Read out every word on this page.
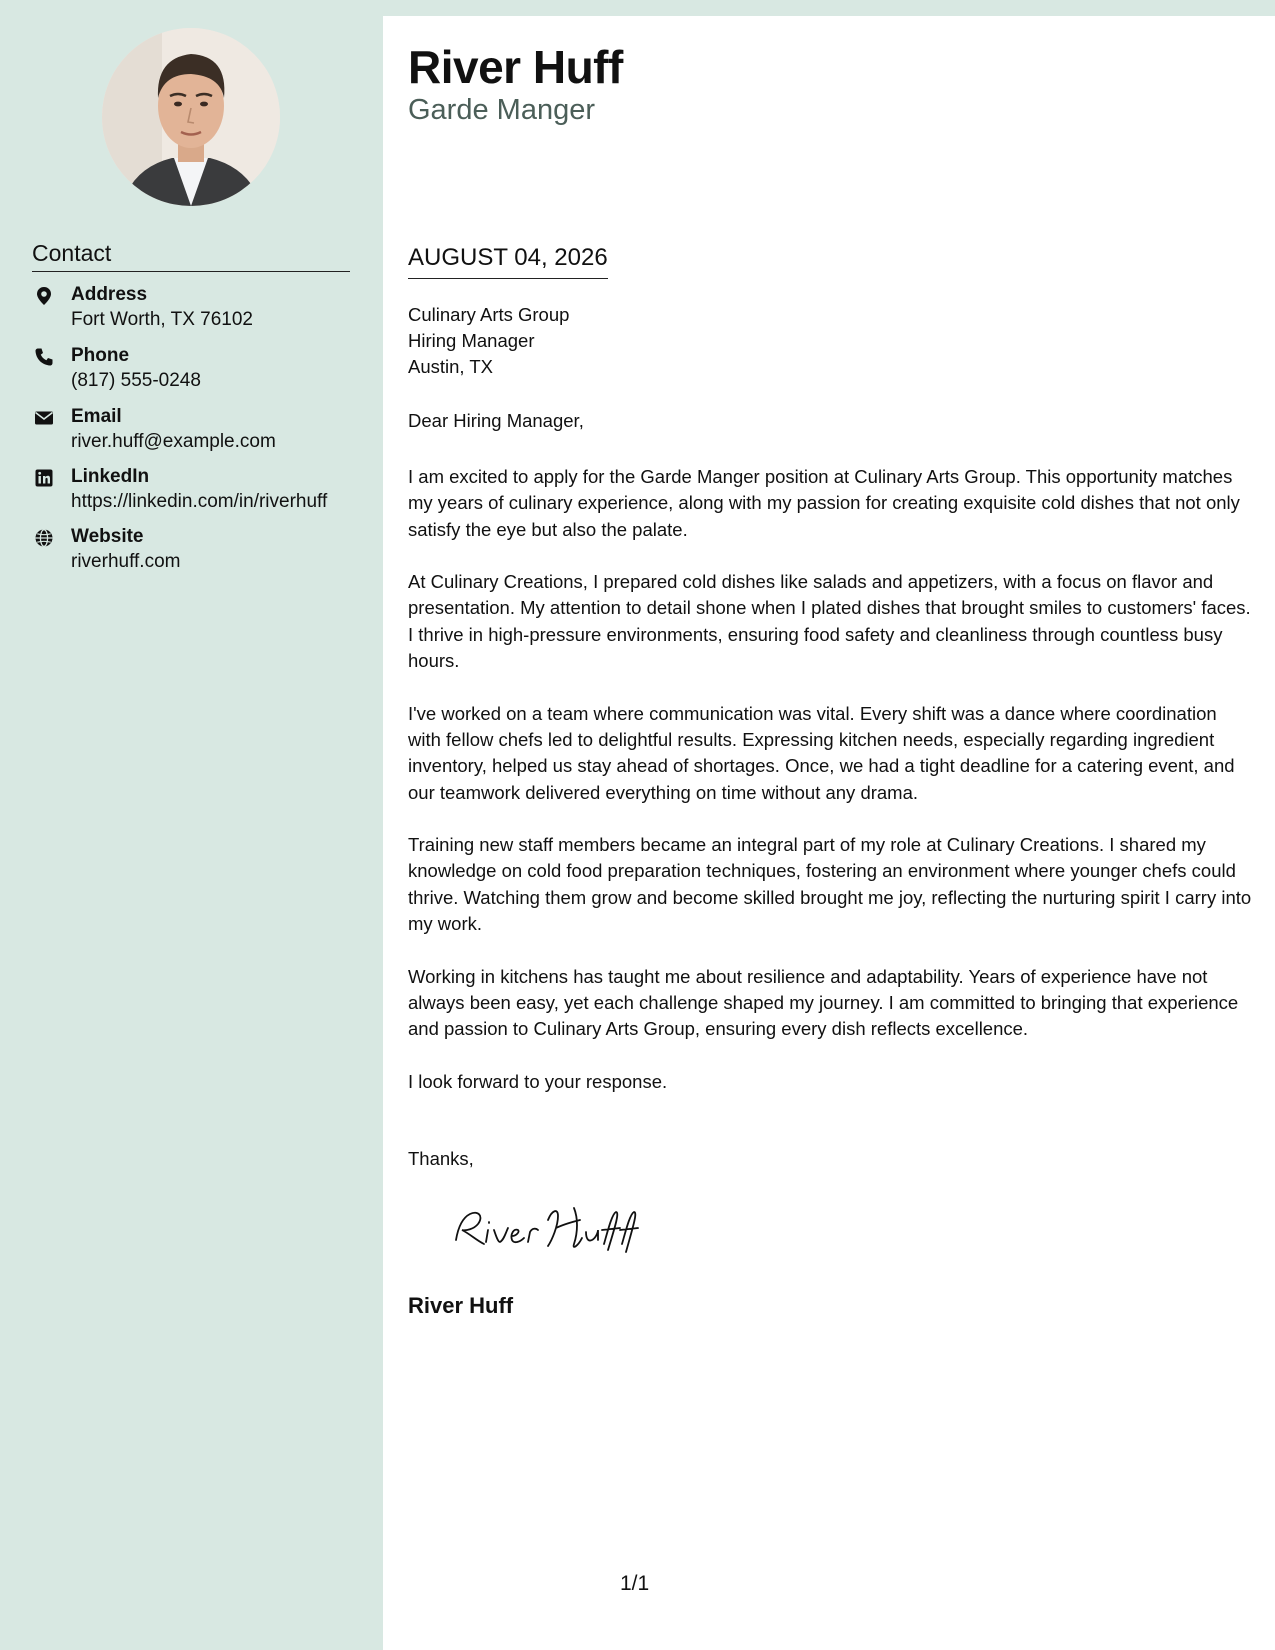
Contact
Address
Fort Worth, TX 76102
Phone
(817) 555-0248
Email
river.huff@example.com
LinkedIn
https://linkedin.com/in/riverhuff
Website
riverhuff.com
River Huff
Garde Manger
AUGUST 04, 2026
Culinary Arts Group
Hiring Manager
Austin, TX
Dear Hiring Manager,

I am excited to apply for the Garde Manger position at Culinary Arts Group. This opportunity matches my years of culinary experience, along with my passion for creating exquisite cold dishes that not only satisfy the eye but also the palate.

At Culinary Creations, I prepared cold dishes like salads and appetizers, with a focus on flavor and presentation. My attention to detail shone when I plated dishes that brought smiles to customers' faces. I thrive in high-pressure environments, ensuring food safety and cleanliness through countless busy hours.

I've worked on a team where communication was vital. Every shift was a dance where coordination with fellow chefs led to delightful results. Expressing kitchen needs, especially regarding ingredient inventory, helped us stay ahead of shortages. Once, we had a tight deadline for a catering event, and our teamwork delivered everything on time without any drama.

Training new staff members became an integral part of my role at Culinary Creations. I shared my knowledge on cold food preparation techniques, fostering an environment where younger chefs could thrive. Watching them grow and become skilled brought me joy, reflecting the nurturing spirit I carry into my work.

Working in kitchens has taught me about resilience and adaptability. Years of experience have not always been easy, yet each challenge shaped my journey. I am committed to bringing that experience and passion to Culinary Arts Group, ensuring every dish reflects excellence.

I look forward to your response.

Thanks,
River Huff
1/1
